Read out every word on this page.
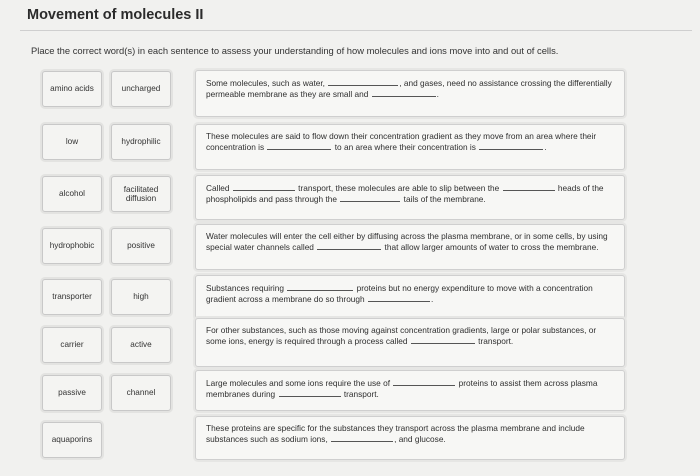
Movement of molecules II
Place the correct word(s) in each sentence to assess your understanding of how molecules and ions move into and out of cells.
amino acids	uncharged
low	hydrophilic
alcohol	facilitated diffusion
hydrophobic	positive
transporter	high
carrier	active
passive	channel
aquaporins
Some molecules, such as water,	, and gases, need no assistance crossing the differentially permeable membrane as they are small and	.
These molecules are said to flow down their concentration gradient as they move from an area where their concentration is	to an area where their concentration is	.
Called	transport, these molecules are able to slip between the	heads of the phospholipids and pass through the	tails of the membrane.
Water molecules will enter the cell either by diffusing across the plasma membrane, or in some cells, by using special water channels called	that allow larger amounts of water to cross the membrane.
Substances requiring	proteins but no energy expenditure to move with a concentration gradient across a membrane do so through	.
For other substances, such as those moving against concentration gradients, large or polar substances, or some ions, energy is required through a process called	transport.
Large molecules and some ions require the use of	proteins to assist them across plasma membranes during	transport.
These proteins are specific for the substances they transport across the plasma membrane and include substances such as sodium ions,	, and glucose.
